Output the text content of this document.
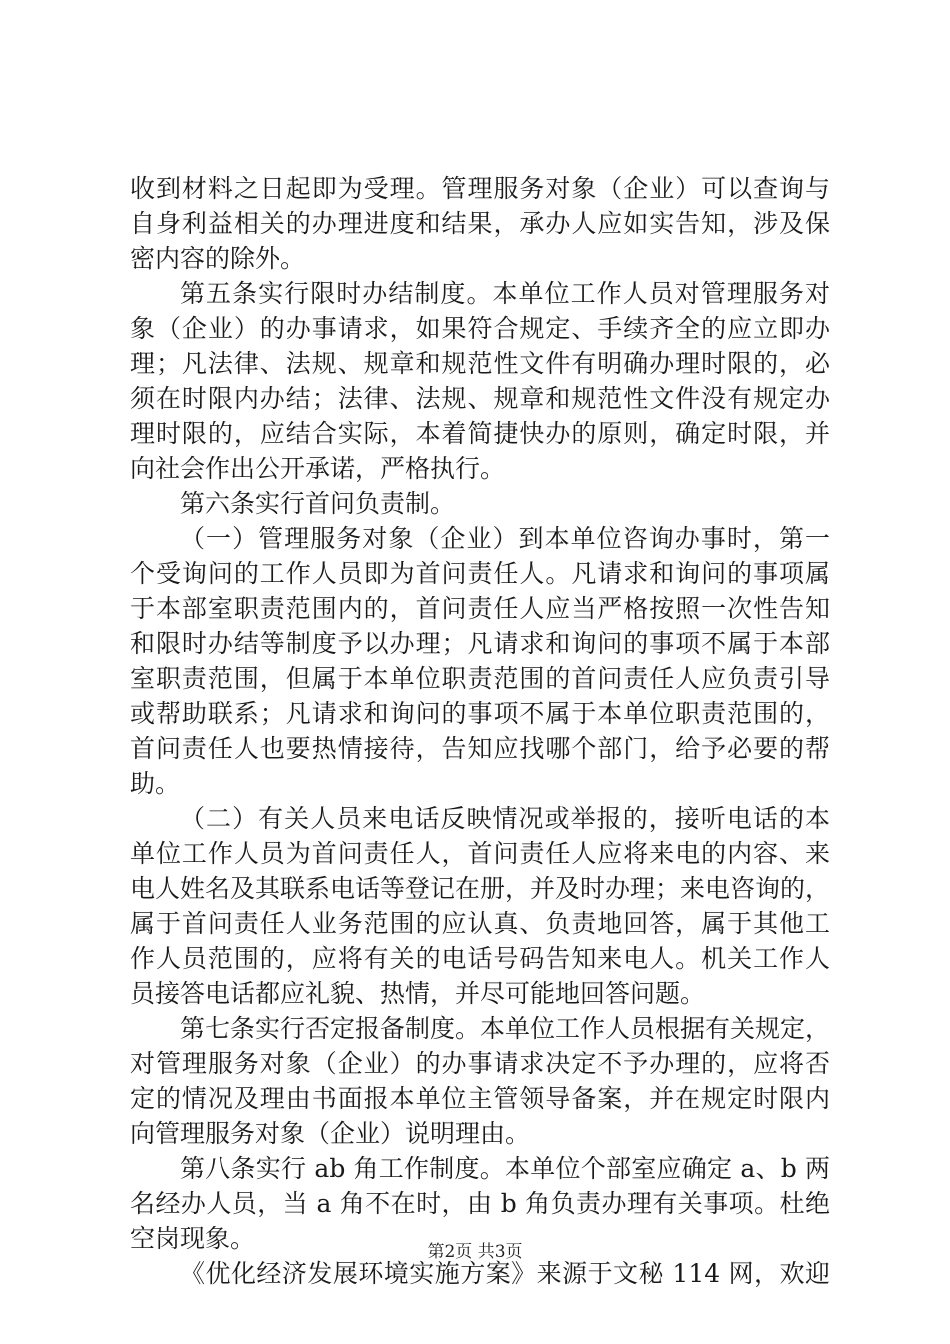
收到材料之日起即为受理。管理服务对象（企业）可以查询与
自身利益相关的办理进度和结果，承办人应如实告知，涉及保
密内容的除外。
第五条实行限时办结制度。本单位工作人员对管理服务对
象（企业）的办事请求，如果符合规定、手续齐全的应立即办
理；凡法律、法规、规章和规范性文件有明确办理时限的，必
须在时限内办结；法律、法规、规章和规范性文件没有规定办
理时限的，应结合实际，本着简捷快办的原则，确定时限，并
向社会作出公开承诺，严格执行。
第六条实行首问负责制。
（一）管理服务对象（企业）到本单位咨询办事时，第一
个受询问的工作人员即为首问责任人。凡请求和询问的事项属
于本部室职责范围内的，首问责任人应当严格按照一次性告知
和限时办结等制度予以办理；凡请求和询问的事项不属于本部
室职责范围，但属于本单位职责范围的首问责任人应负责引导
或帮助联系；凡请求和询问的事项不属于本单位职责范围的，
首问责任人也要热情接待，告知应找哪个部门，给予必要的帮
助。
（二）有关人员来电话反映情况或举报的，接听电话的本
单位工作人员为首问责任人，首问责任人应将来电的内容、来
电人姓名及其联系电话等登记在册，并及时办理；来电咨询的，
属于首问责任人业务范围的应认真、负责地回答，属于其他工
作人员范围的，应将有关的电话号码告知来电人。机关工作人
员接答电话都应礼貌、热情，并尽可能地回答问题。
第七条实行否定报备制度。本单位工作人员根据有关规定，
对管理服务对象（企业）的办事请求决定不予办理的，应将否
定的情况及理由书面报本单位主管领导备案，并在规定时限内
向管理服务对象（企业）说明理由。
第八条实行 ab 角工作制度。本单位个部室应确定 a、b 两
名经办人员，当 a 角不在时，由 b 角负责办理有关事项。杜绝
空岗现象。
《优化经济发展环境实施方案》来源于文秘 114 网，欢迎
第2页 共3页
